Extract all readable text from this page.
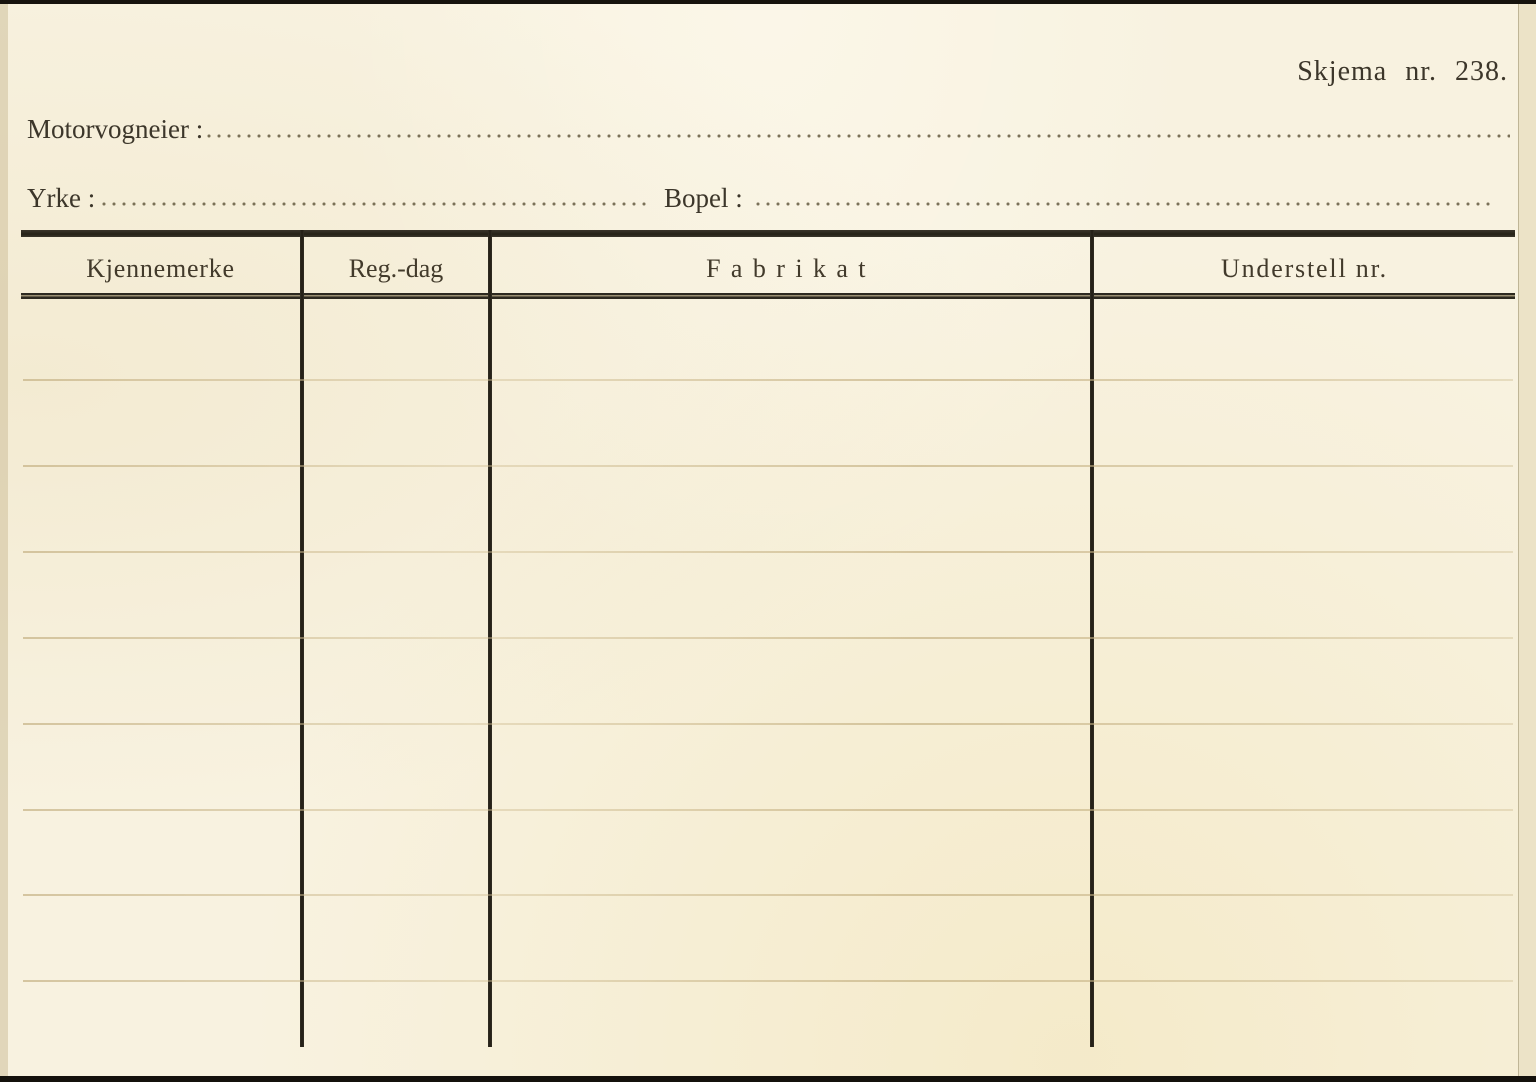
Skjema nr. 238.
Motorvogneier :
Yrke :	Bopel :
Kjennemerke	Reg.-dag	Fabrikat	Understell nr.
